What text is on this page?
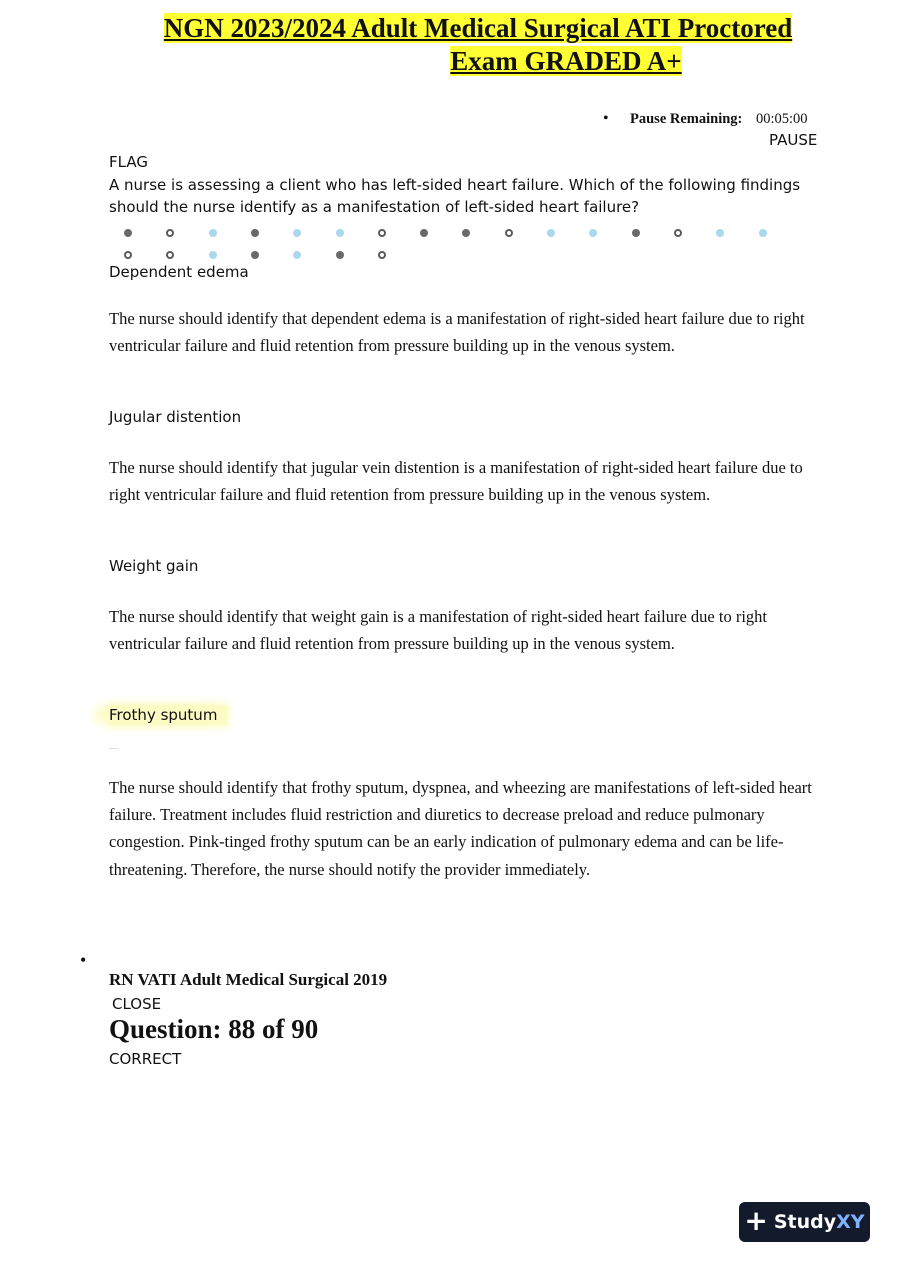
NGN 2023/2024 Adult Medical Surgical ATI Proctored
Exam GRADED A+
• Pause Remaining: 00:05:00
PAUSE
FLAG
A nurse is assessing a client who has left-sided heart failure. Which of the following findings should the nurse identify as a manifestation of left-sided heart failure?
Dependent edema
The nurse should identify that dependent edema is a manifestation of right-sided heart failure due to right ventricular failure and fluid retention from pressure building up in the venous system.
Jugular distention
The nurse should identify that jugular vein distention is a manifestation of right-sided heart failure due to right ventricular failure and fluid retention from pressure building up in the venous system.
Weight gain
The nurse should identify that weight gain is a manifestation of right-sided heart failure due to right ventricular failure and fluid retention from pressure building up in the venous system.
Frothy sputum
—
The nurse should identify that frothy sputum, dyspnea, and wheezing are manifestations of left-sided heart failure. Treatment includes fluid restriction and diuretics to decrease preload and reduce pulmonary congestion. Pink-tinged frothy sputum can be an early indication of pulmonary edema and can be life-threatening. Therefore, the nurse should notify the provider immediately.
•
RN VATI Adult Medical Surgical 2019
CLOSE
Question: 88 of 90
CORRECT
+ StudyXY
